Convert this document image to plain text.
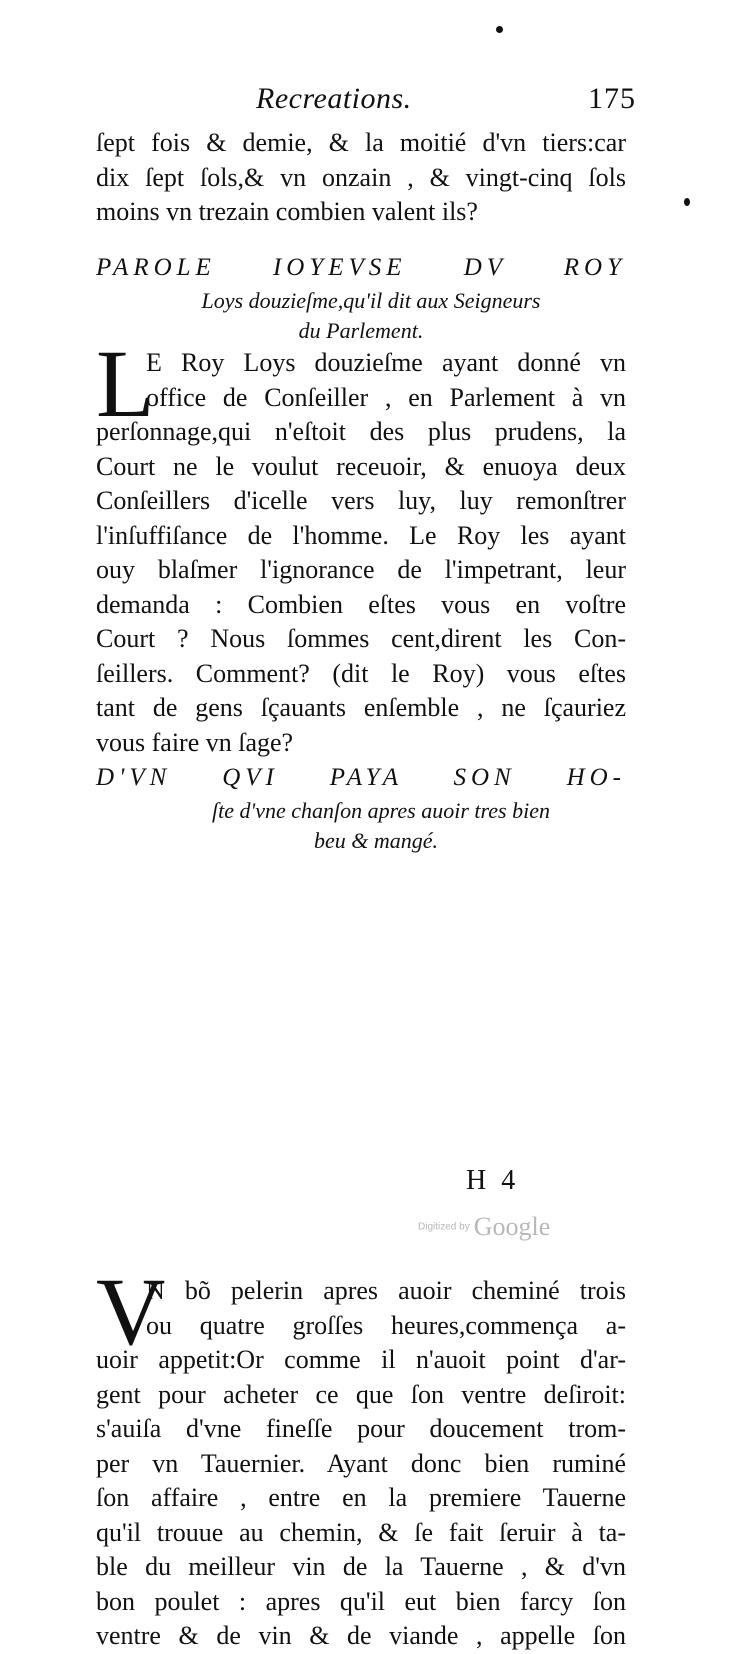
Recreations.	175
ſept fois & demie, & la moitié d'vn tiers:car
dix ſept ſols,& vn onzain , & vingt-cinq ſols
moins vn trezain combien valent ils?
PAROLE IOYEVSE DV ROY
Loys douzieſme,qu'il dit aux Seigneurs
du Parlement.
L
E Roy Loys douzieſme ayant donné vn
office de Conſeiller , en Parlement à vn
perſonnage,qui n'eſtoit des plus prudens, la
Court ne le voulut receuoir, & enuoya deux
Conſeillers d'icelle vers luy, luy remonſtrer
l'inſuffiſance de l'homme. Le Roy les ayant
ouy blaſmer l'ignorance de l'impetrant, leur
demanda : Combien eſtes vous en voſtre
Court ? Nous ſommes cent,dirent les Con-
ſeillers. Comment? (dit le Roy) vous eſtes
tant de gens ſçauants enſemble , ne ſçauriez
vous faire vn ſage?
D'VN QVI PAYA SON HO-
ſte d'vne chanſon apres auoir tres bien
beu & mangé.
V
N bõ pelerin apres auoir cheminé trois
ou quatre groſſes heures,commença a-
uoir appetit:Or comme il n'auoit point d'ar-
gent pour acheter ce que ſon ventre deſiroit:
s'auiſa d'vne fineſſe pour doucement trom-
per vn Tauernier. Ayant donc bien ruminé
ſon affaire , entre en la premiere Tauerne
qu'il trouue au chemin, & ſe fait ſeruir à ta-
ble du meilleur vin de la Tauerne , & d'vn
bon poulet : apres qu'il eut bien farcy ſon
ventre & de vin & de viande , appelle ſon
H 4
Digitized by Google
